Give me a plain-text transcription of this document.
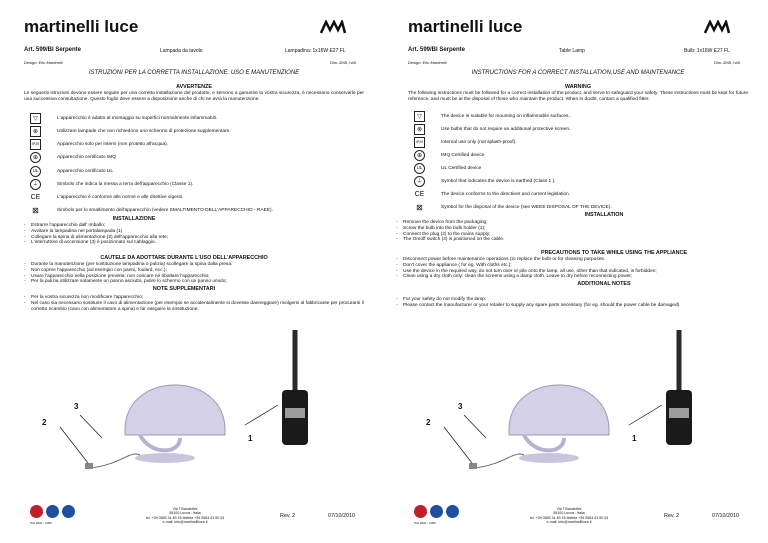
martinelli luce
Art. 599/Bl Serpente	Lampada da tavolo	Lampadina: 1x16W E27 FL
Design: Elio Martinelli	Dim.-Ø45, h45
ISTRUZIONI PER LA CORRETTA INSTALLAZIONE, USO E MANUTENZIONE
AVVERTENZE
Le seguenti istruzioni devono essere seguite per una corretta installazione del prodotto, e servono a garantire la vostra sicurezza, è necessario conservarle per una successiva consultazione. Questo foglio deve essere a disposizione anche di chi ne avrà la manutenzione.
▽	L'apparecchio è adatto al montaggio su superfici normalmente infiammabili.
⊗	Utilizzare lampade che non richiedono uno schermo di protezione supplementare.
IP20	Apparecchio solo per interni (non protetto all'acqua).
⊕	Apparecchio certificato IMQ
UL	Apparecchio certificato UL
⏚	Simbolo che indica la messa a terra dell'apparecchio (Classe 1).
CE	L'apparecchio è conforme alle norme e alle direttive vigenti.
⊠	Simbolo per lo smaltimento dell'apparecchio (vedere SMALTIMENTO DELL'APPARECCHIO - RAEE).
INSTALLAZIONE
- Estrarre l'apparecchio dall' imballo;
- Avvitare la lampadina nel portalampada (1)
- Collegare la spina di alimentazione (2) dell'apparecchio alla rete;
- L'interruttore di accensione (3) è posizionato sul cablaggio.
CAUTELE DA ADOTTARE DURANTE L'USO DELL'APPARECCHIO
- Durante la manutenzione (per sostituzione lampadina o pulizia) scollegare la spina dalla presa.
- Non coprire l'apparecchio (ad esempio con panni, foulard, ecc.);
- Usare l'apparecchio nella posizione prevista: non coricare né ribaltare l'apparecchio;
- Per la pulizia utilizzare solamente un panno asciutto, pulire lo schermo con un panno umido;
NOTE SUPPLEMENTARI
- Per la vostra sicurezza non modificare l'apparecchio;
- Nel caso sia necessario sostituire il cavo di alimentazione (per esempio se accidentalmente si dovesse danneggiare) rivolgersi al fabbricante per procurarsi il corretto ricambio (cavo con alimentatore a spina) e far eseguire la sostituzione.
3
2
1
ISO 9001 : 2000
Via T.Bandettini
55100 Lucca - Italia
tel. +39 0583 41 83 15 telefax +39 0583 41 90 03
e-mail: info@martinelliluce.it
Rev. 2	07/10/2010
martinelli luce
Art. 599/Bl Serpente	Table Lamp	Bulb: 1x16W E27 FL
Design: Elio Martinelli	Dim.-Ø45, h45
INSTRUCTIONS FOR A CORRECT INSTALLATION,USE AND MAINTENANCE
WARNING
The following instructions must be followed for a correct installation of the product, and serve to safeguard your safety. These instructions must be kept for future reference, and must be at the disposal of those who maintain the product. When in doubt, contact a qualified fitter.
▽	The device is suitable for mounting on inflammable surfaces..
⊗	Use bulbs that do not require an additional protective screen.
IP20	Internal use only (not splash-proof).
⊕	IMQ Certified device
UL	UL Certified device
⏚	Symbol that indicates the device is earthed (Class 1 ).
CE	The device conforms to the directives and current legislation.
⊠	Symbol for the disposal of the device (see WEEE DISPOSAL OF THE DEVICE).
INSTALLATION
- Remove the device from the packaging;
- Screw the bulb into the bulb holder (1);
- Connect the plug (2) to the mains supply;
- The On/off switch (3) is positioned on the cable.
PRECAUTIONS TO TAKE WHILE USING THE APPLIANCE
- Disconnect power before maintenance operations (to replace the bulb or for cleaning purposes.
- Don't cover the appliance ( for eg. With cloths etc.);
- Use the device in the required way, do not turn over or pile onto the lamp, all use, other than that indicated, is forbidden;
- Clean using a dry cloth only; clean the screens using a damp cloth. Leave to dry before reconnecting power;
ADDITIONAL NOTES
- For your safety do not modify the lamp;
- Please contact the manufacturer or your retailer to supply any spare parts necessary (for eg. should the power cable be damaged).
3
2
1
ISO 9001 : 2000
Via T.Bandettini
55100 Lucca - Italia
tel. +39 0583 41 83 15 telefax +39 0583 41 90 03
e-mail: info@martinelliluce.it
Rev. 2	07/10/2010
